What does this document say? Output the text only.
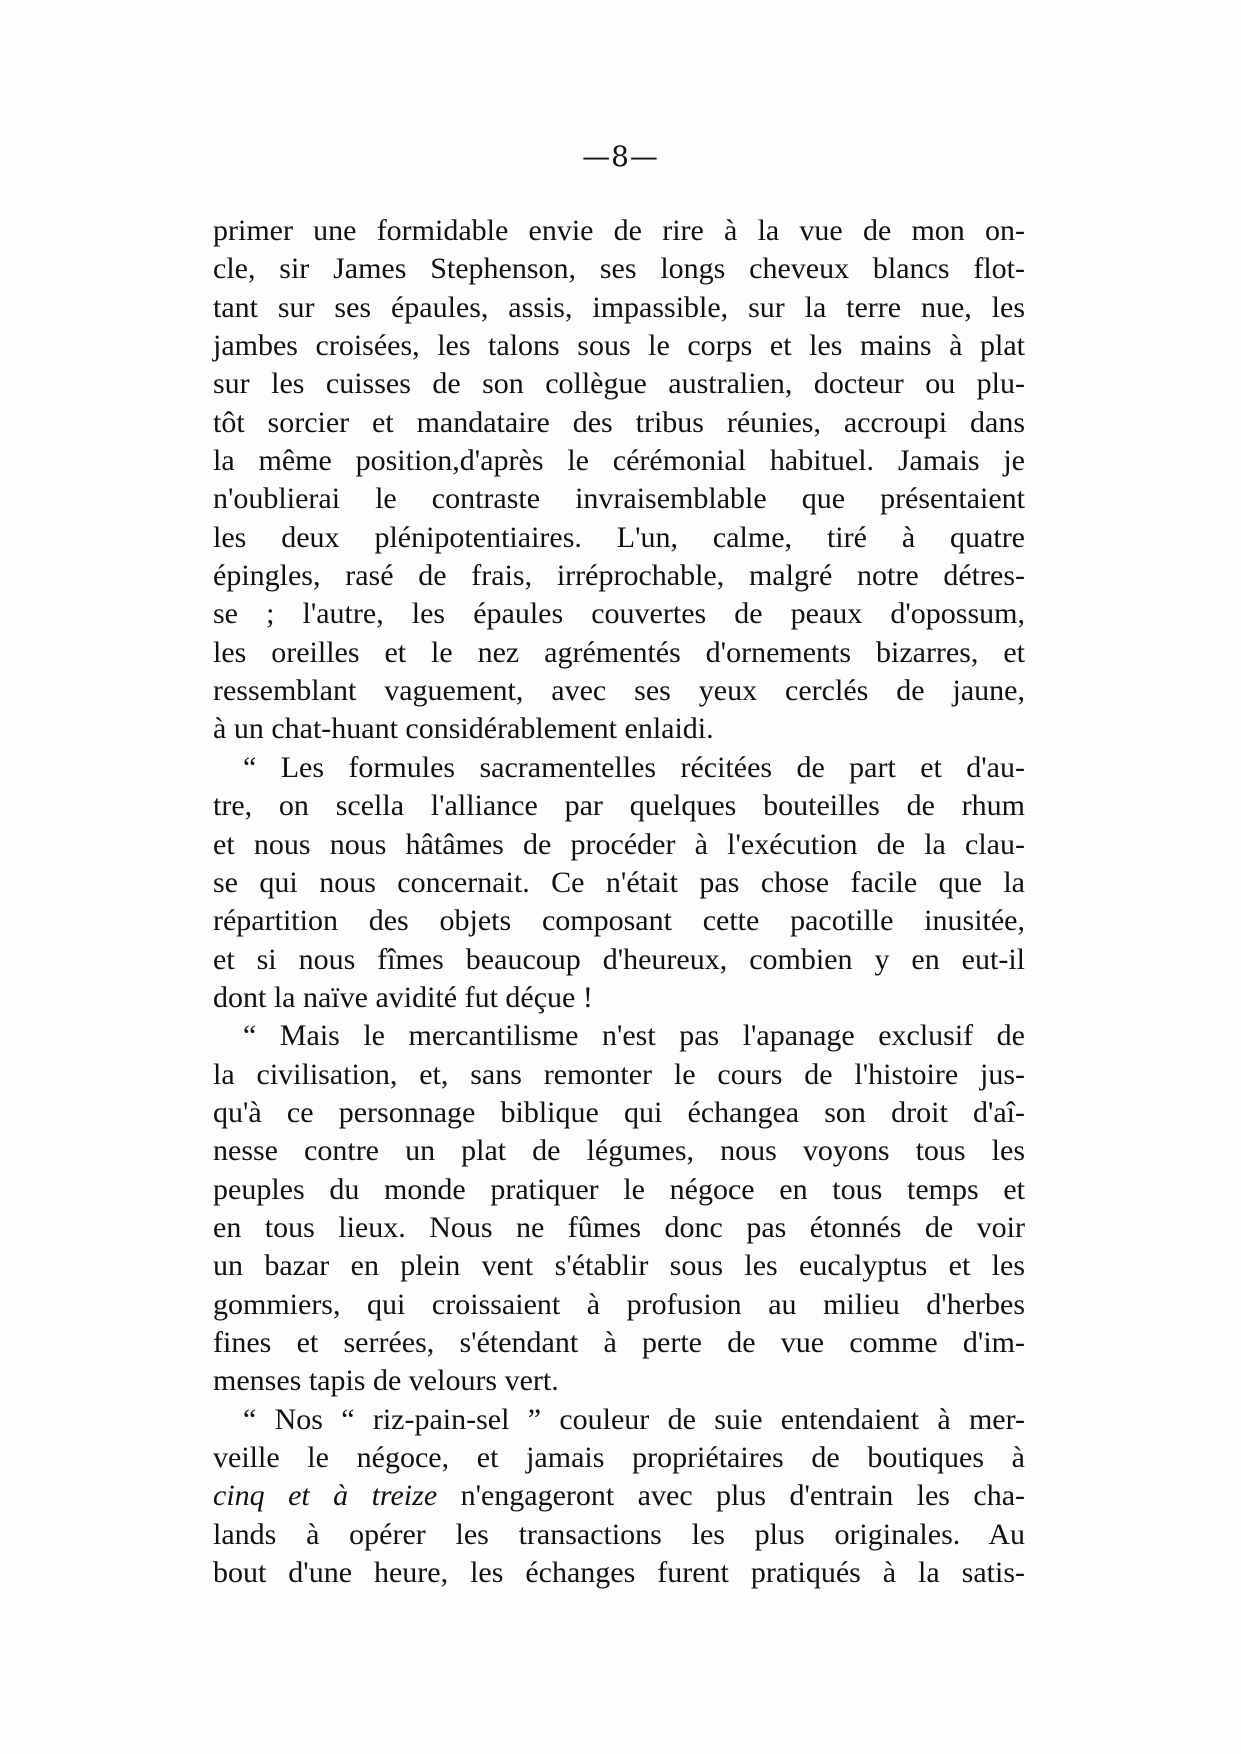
—8—
primer une formidable envie de rire à la vue de mon on-
cle, sir James Stephenson, ses longs cheveux blancs flot-
tant sur ses épaules, assis, impassible, sur la terre nue, les
jambes croisées, les talons sous le corps et les mains à plat
sur les cuisses de son collègue australien, docteur ou plu-
tôt sorcier et mandataire des tribus réunies, accroupi dans
la même position,d'après le cérémonial habituel. Jamais je
n'oublierai le contraste invraisemblable que présentaient
les deux plénipotentiaires. L'un, calme, tiré à quatre
épingles, rasé de frais, irréprochable, malgré notre détres-
se ; l'autre, les épaules couvertes de peaux d'opossum,
les oreilles et le nez agrémentés d'ornements bizarres, et
ressemblant vaguement, avec ses yeux cerclés de jaune,
à un chat-huant considérablement enlaidi.
“ Les formules sacramentelles récitées de part et d'au-
tre, on scella l'alliance par quelques bouteilles de rhum
et nous nous hâtâmes de procéder à l'exécution de la clau-
se qui nous concernait. Ce n'était pas chose facile que la
répartition des objets composant cette pacotille inusitée,
et si nous fîmes beaucoup d'heureux, combien y en eut-il
dont la naïve avidité fut déçue !
“ Mais le mercantilisme n'est pas l'apanage exclusif de
la civilisation, et, sans remonter le cours de l'histoire jus-
qu'à ce personnage biblique qui échangea son droit d'aî-
nesse contre un plat de légumes, nous voyons tous les
peuples du monde pratiquer le négoce en tous temps et
en tous lieux. Nous ne fûmes donc pas étonnés de voir
un bazar en plein vent s'établir sous les eucalyptus et les
gommiers, qui croissaient à profusion au milieu d'herbes
fines et serrées, s'étendant à perte de vue comme d'im-
menses tapis de velours vert.
“ Nos “ riz-pain-sel ” couleur de suie entendaient à mer-
veille le négoce, et jamais propriétaires de boutiques à
cinq et à treize n'engageront avec plus d'entrain les cha-
lands à opérer les transactions les plus originales. Au
bout d'une heure, les échanges furent pratiqués à la satis-
